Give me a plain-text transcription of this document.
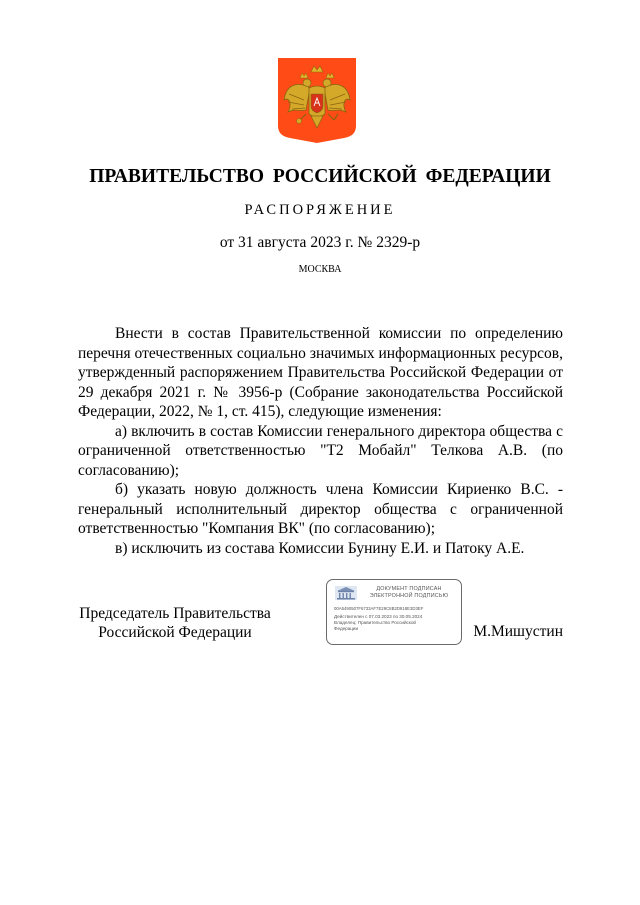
ПРАВИТЕЛЬСТВО РОССИЙСКОЙ ФЕДЕРАЦИИ
РАСПОРЯЖЕНИЕ
от 31 августа 2023 г. № 2329-р
МОСКВА

Внести в состав Правительственной комиссии по определению перечня отечественных социально значимых информационных ресурсов, утвержденный распоряжением Правительства Российской Федерации от 29 декабря 2021 г. № 3956-р (Собрание законодательства Российской Федерации, 2022, № 1, ст. 415), следующие изменения:

а) включить в состав Комиссии генерального директора общества с ограниченной ответственностью "Т2 Мобайл" Телкова А.В. (по согласованию);

б) указать новую должность члена Комиссии Кириенко В.С. - генеральный исполнительный директор общества с ограниченной ответственностью "Компания ВК" (по согласованию);

в) исключить из состава Комиссии Бунину Е.И. и Патоку А.Е.

Председатель Правительства
Российской Федерации
ДОКУМЕНТ ПОДПИСАН
ЭЛЕКТРОННОЙ ПОДПИСЬЮ
00A5490507F6733AF7E29C8B2D918E3D3EF
Действителен с 07.03.2023 по 30.05.2024
Владелец: Правительство Российской
Федерации	М.Мишустин
